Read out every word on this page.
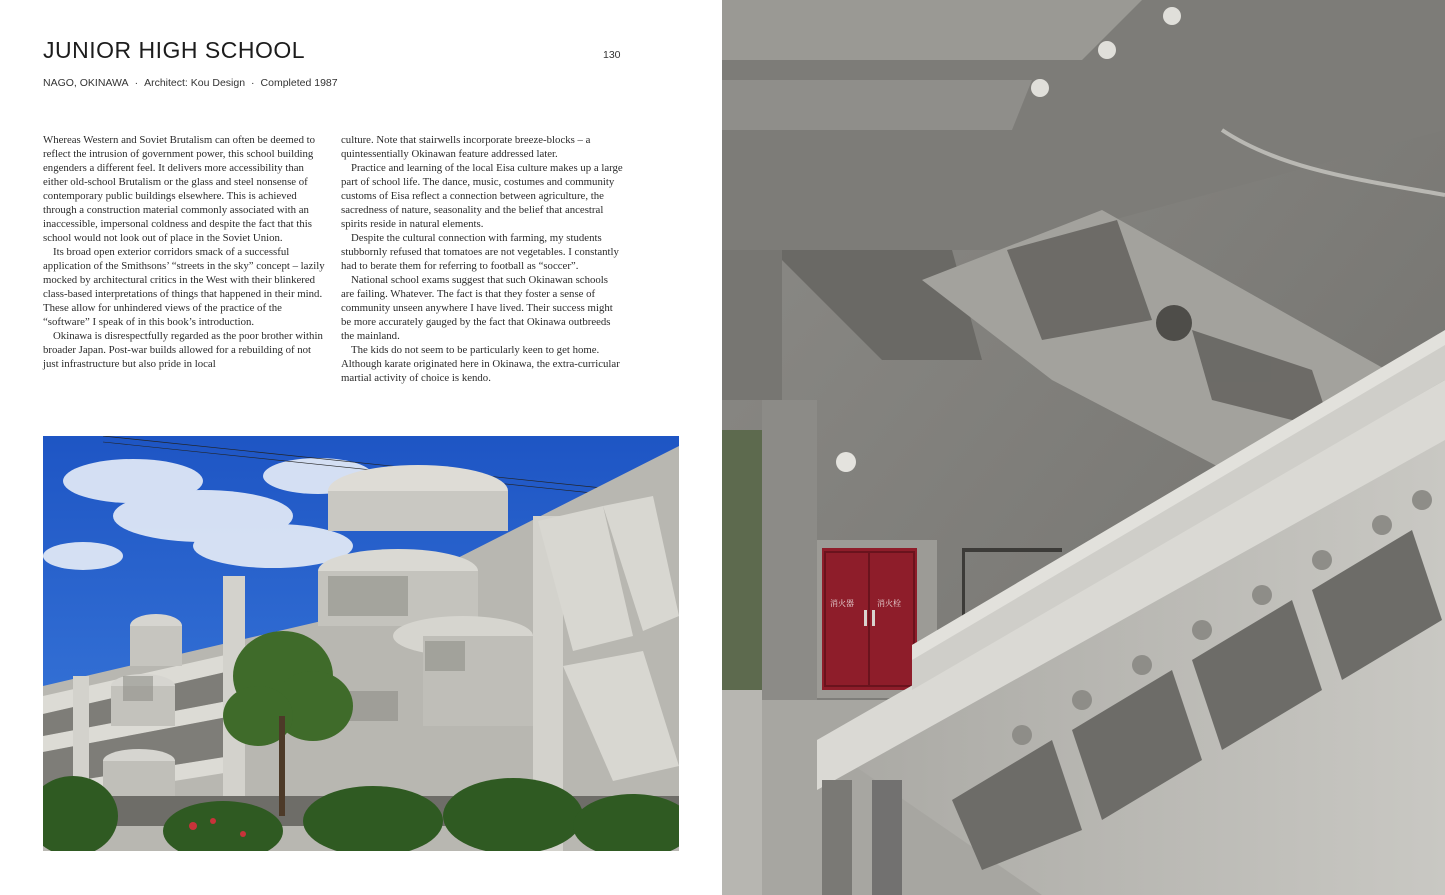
JUNIOR HIGH SCHOOL	130
NAGO, OKINAWA · Architect: Kou Design · Completed 1987

Whereas Western and Soviet Brutalism can often be deemed to reflect the intrusion of government power, this school building engenders a different feel. It delivers more accessibility than either old-school Brutalism or the glass and steel nonsense of contemporary public buildings elsewhere. This is achieved through a construction material commonly associated with an inaccessible, impersonal coldness and despite the fact that this school would not look out of place in the Soviet Union.

Its broad open exterior corridors smack of a successful application of the Smithsons’ “streets in the sky” concept – lazily mocked by architectural critics in the West with their blinkered class-based interpretations of things that happened in their mind. These allow for unhindered views of the practice of the “software” I speak of in this book’s introduction.

Okinawa is disrespectfully regarded as the poor brother within broader Japan. Post-war builds allowed for a rebuilding of not just infrastructure but also pride in local

culture. Note that stairwells incorporate breeze-blocks – a quintessentially Okinawan feature addressed later.

Practice and learning of the local Eisa culture makes up a large part of school life. The dance, music, costumes and community customs of Eisa reflect a connection between agriculture, the sacredness of nature, seasonality and the belief that ancestral spirits reside in natural elements.

Despite the cultural connection with farming, my students stubbornly refused that tomatoes are not vegetables. I constantly had to berate them for referring to football as “soccer”.

National school exams suggest that such Okinawan schools are failing. Whatever. The fact is that they foster a sense of community unseen anywhere I have lived. Their success might be more accurately gauged by the fact that Okinawa outbreeds the mainland.

The kids do not seem to be particularly keen to get home. Although karate originated here in Okinawa, the extra-curricular martial activity of choice is kendo.

消火器	消火栓
